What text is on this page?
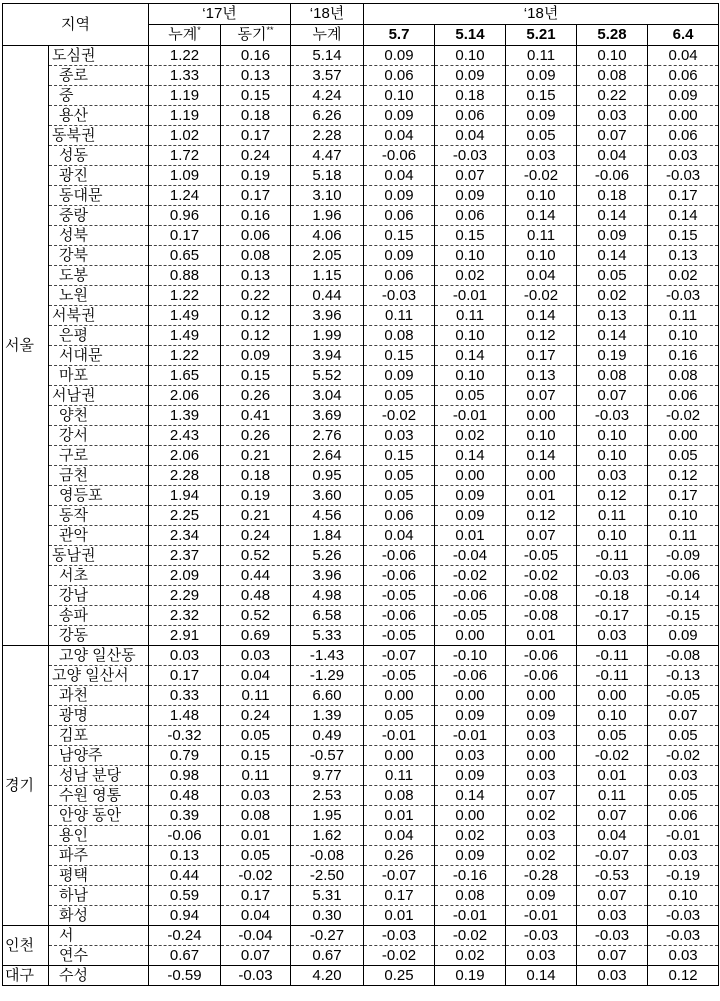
지역		‘17년		‘18년	‘18년				
		누계*	동기**	누계	5.7	5.14	5.21	5.28	6.4
서울	도심권	1.22	0.16	5.14	0.09	0.10	0.11	0.10	0.04
	종로	1.33	0.13	3.57	0.06	0.09	0.09	0.08	0.06
	중	1.19	0.15	4.24	0.10	0.18	0.15	0.22	0.09
	용산	1.19	0.18	6.26	0.09	0.06	0.09	0.03	0.00
	동북권	1.02	0.17	2.28	0.04	0.04	0.05	0.07	0.06
	성동	1.72	0.24	4.47	-0.06	-0.03	0.03	0.04	0.03
	광진	1.09	0.19	5.18	0.04	0.07	-0.02	-0.06	-0.03
	동대문	1.24	0.17	3.10	0.09	0.09	0.10	0.18	0.17
	중랑	0.96	0.16	1.96	0.06	0.06	0.14	0.14	0.14
	성북	0.17	0.06	4.06	0.15	0.15	0.11	0.09	0.15
	강북	0.65	0.08	2.05	0.09	0.10	0.10	0.14	0.13
	도봉	0.88	0.13	1.15	0.06	0.02	0.04	0.05	0.02
	노원	1.22	0.22	0.44	-0.03	-0.01	-0.02	0.02	-0.03
	서북권	1.49	0.12	3.96	0.11	0.11	0.14	0.13	0.11
	은평	1.49	0.12	1.99	0.08	0.10	0.12	0.14	0.10
	서대문	1.22	0.09	3.94	0.15	0.14	0.17	0.19	0.16
	마포	1.65	0.15	5.52	0.09	0.10	0.13	0.08	0.08
	서남권	2.06	0.26	3.04	0.05	0.05	0.07	0.07	0.06
	양천	1.39	0.41	3.69	-0.02	-0.01	0.00	-0.03	-0.02
	강서	2.43	0.26	2.76	0.03	0.02	0.10	0.10	0.00
	구로	2.06	0.21	2.64	0.15	0.14	0.14	0.10	0.05
	금천	2.28	0.18	0.95	0.05	0.00	0.00	0.03	0.12
	영등포	1.94	0.19	3.60	0.05	0.09	0.01	0.12	0.17
	동작	2.25	0.21	4.56	0.06	0.09	0.12	0.11	0.10
	관악	2.34	0.24	1.84	0.04	0.01	0.07	0.10	0.11
	동남권	2.37	0.52	5.26	-0.06	-0.04	-0.05	-0.11	-0.09
	서초	2.09	0.44	3.96	-0.06	-0.02	-0.02	-0.03	-0.06
	강남	2.29	0.48	4.98	-0.05	-0.06	-0.08	-0.18	-0.14
	송파	2.32	0.52	6.58	-0.06	-0.05	-0.08	-0.17	-0.15
	강동	2.91	0.69	5.33	-0.05	0.00	0.01	0.03	0.09
경기	고양 일산동	0.03	0.03	-1.43	-0.07	-0.10	-0.06	-0.11	-0.08
	고양 일산서	0.17	0.04	-1.29	-0.05	-0.06	-0.06	-0.11	-0.13
	과천	0.33	0.11	6.60	0.00	0.00	0.00	0.00	-0.05
	광명	1.48	0.24	1.39	0.05	0.09	0.09	0.10	0.07
	김포	-0.32	0.05	0.49	-0.01	-0.01	0.03	0.05	0.05
	남양주	0.79	0.15	-0.57	0.00	0.03	0.00	-0.02	-0.02
	성남 분당	0.98	0.11	9.77	0.11	0.09	0.03	0.01	0.03
	수원 영통	0.48	0.03	2.53	0.08	0.14	0.07	0.11	0.05
	안양 동안	0.39	0.08	1.95	0.01	0.00	0.02	0.07	0.06
	용인	-0.06	0.01	1.62	0.04	0.02	0.03	0.04	-0.01
	파주	0.13	0.05	-0.08	0.26	0.09	0.02	-0.07	0.03
	평택	0.44	-0.02	-2.50	-0.07	-0.16	-0.28	-0.53	-0.19
	하남	0.59	0.17	5.31	0.17	0.08	0.09	0.07	0.10
	화성	0.94	0.04	0.30	0.01	-0.01	-0.01	0.03	-0.03
인천	서	-0.24	-0.04	-0.27	-0.03	-0.02	-0.03	-0.03	-0.03
	연수	0.67	0.07	0.67	-0.02	0.02	0.03	0.07	0.03
대구	수성	-0.59	-0.03	4.20	0.25	0.19	0.14	0.03	0.12
